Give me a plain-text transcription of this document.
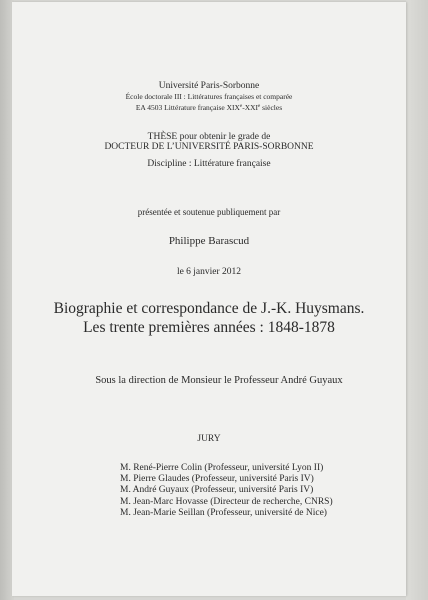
Université Paris-Sorbonne
École doctorale III : Littératures françaises et comparée
EA 4503 Littérature française XIXe-XXIe siècles
THÈSE pour obtenir le grade de
DOCTEUR DE L’UNIVERSITÉ PARIS-SORBONNE
Discipline : Littérature française
présentée et soutenue publiquement par
Philippe Barascud
le 6 janvier 2012
Biographie et correspondance de J.-K. Huysmans.
Les trente premières années : 1848-1878
Sous la direction de Monsieur le Professeur André Guyaux
JURY
M. René-Pierre Colin (Professeur, université Lyon II)
M. Pierre Glaudes (Professeur, université Paris IV)
M. André Guyaux (Professeur, université Paris IV)
M. Jean-Marc Hovasse (Directeur de recherche, CNRS)
M. Jean-Marie Seillan (Professeur, université de Nice)
